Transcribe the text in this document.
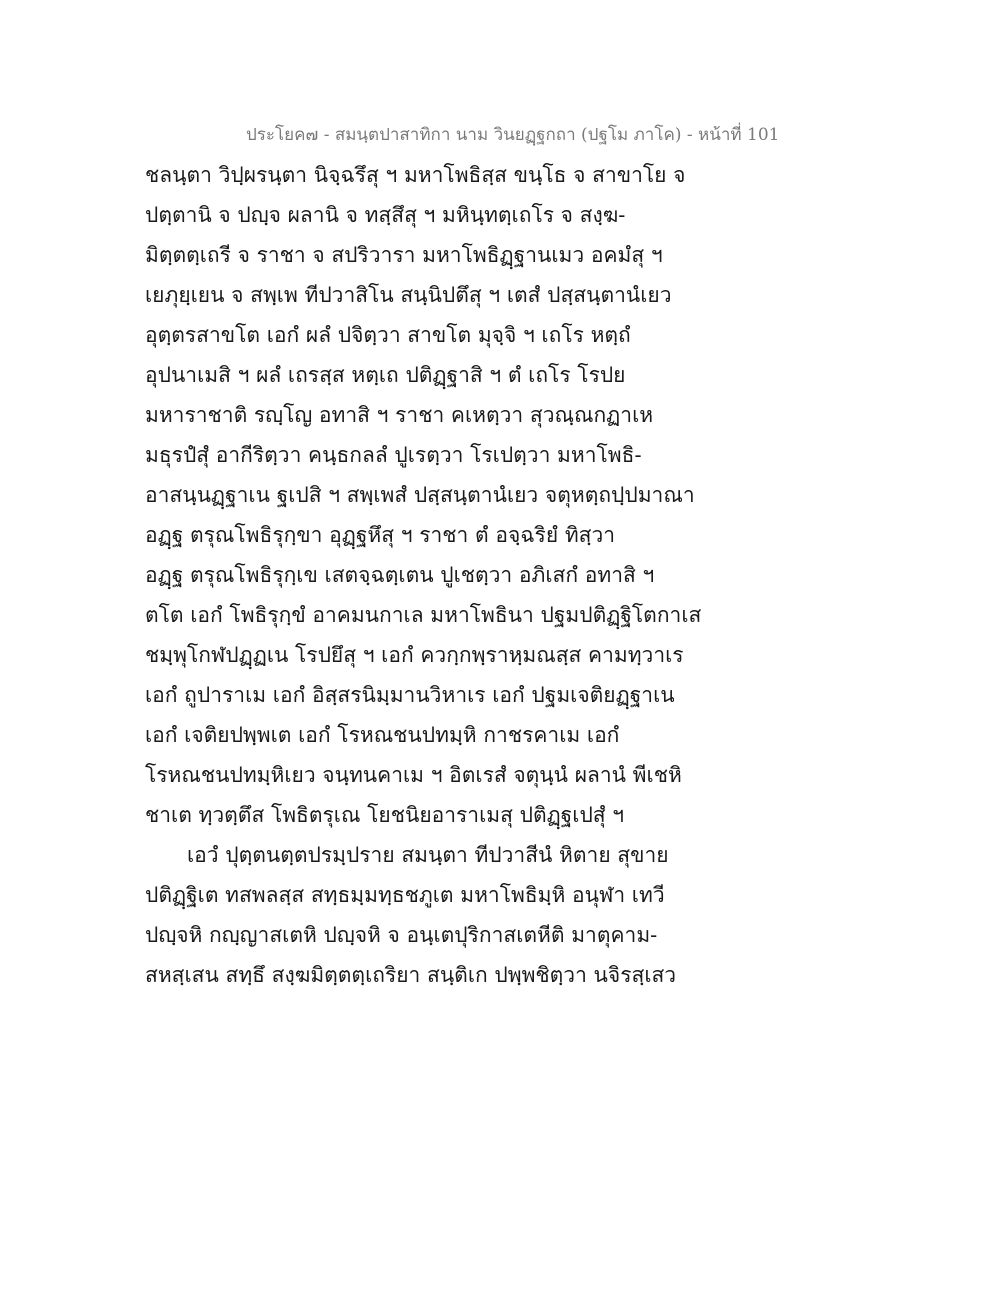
ประโยค๗ - สมนฺตปาสาทิกา นาม วินยฏฺฐกถา (ปฐโม ภาโค) - หน้าที่ 101
ชลนฺตา วิปฺผรนฺตา นิจฺฉรึสุ ฯ มหาโพธิสฺส ขนฺโธ จ สาขาโย จ
ปตฺตานิ จ ปญฺจ ผลานิ จ ทสฺสึสุ ฯ มหินฺทตฺเถโร จ สงฺฆ-
มิตฺตตฺเถรี จ ราชา จ สปริวารา มหาโพธิฏฺฐานเมว อคมํสุ ฯ
เยภุยฺเยน จ สพฺเพ ทีปวาสิโน สนฺนิปตึสุ ฯ เตสํ ปสฺสนฺตานํเยว
อุตฺตรสาขโต เอกํ ผลํ ปจิตฺวา สาขโต มุจฺจิ ฯ เถโร หตฺถํ
อุปนาเมสิ ฯ ผลํ เถรสฺส หตฺเถ ปติฏฺฐาสิ ฯ ตํ เถโร โรปย
มหาราชาติ รญฺโญ อทาสิ ฯ ราชา คเหตฺวา สุวณฺณกฏาเห
มธุรปํสุํ อากีริตฺวา คนฺธกลลํ ปูเรตฺวา โรเปตฺวา มหาโพธิ-
อาสนฺนฏฺฐาเน ฐเปสิ ฯ สพฺเพสํ ปสฺสนฺตานํเยว จตุหตฺถปฺปมาณา
อฏฺฐ ตรุณโพธิรุกฺขา อุฏฺฐหึสุ ฯ ราชา ตํ อจฺฉริยํ ทิสฺวา
อฏฺฐ ตรุณโพธิรุกฺเข เสตจฺฉตฺเตน ปูเชตฺวา อภิเสกํ อทาสิ ฯ
ตโต เอกํ โพธิรุกฺขํ อาคมนกาเล มหาโพธินา ปฐมปติฏฺฐิโตกาเส
ชมฺพุโกฬปฏฺฏเน โรปยึสุ ฯ เอกํ ควกฺกพฺราหฺมณสฺส คามทฺวาเร
เอกํ ถูปาราเม เอกํ อิสฺสรนิมฺมานวิหาเร เอกํ ปฐมเจติยฏฺฐาเน
เอกํ เจติยปพฺพเต เอกํ โรหณชนปทมฺหิ กาชรคาเม เอกํ
โรหณชนปทมฺหิเยว จนฺทนคาเม ฯ อิตเรสํ จตุนฺนํ ผลานํ พีเชหิ
ชาเต ทฺวตฺตึส โพธิตรุเณ โยชนิยอาราเมสุ ปติฏฺฐเปสุํ ฯ
เอวํ ปุตฺตนตฺตปรมฺปราย สมนฺตา ทีปวาสีนํ หิตาย สุขาย
ปติฏฺฐิเต ทสพลสฺส สทฺธมฺมทฺธชภูเต มหาโพธิมฺหิ อนุฬา เทวี
ปญฺจหิ กญฺญาสเตหิ ปญฺจหิ จ อนฺเตปุริกาสเตหีติ มาตุคาม-
สหสฺเสน สทฺธึ สงฺฆมิตฺตตฺเถริยา สนฺติเก ปพฺพชิตฺวา นจิรสฺเสว
